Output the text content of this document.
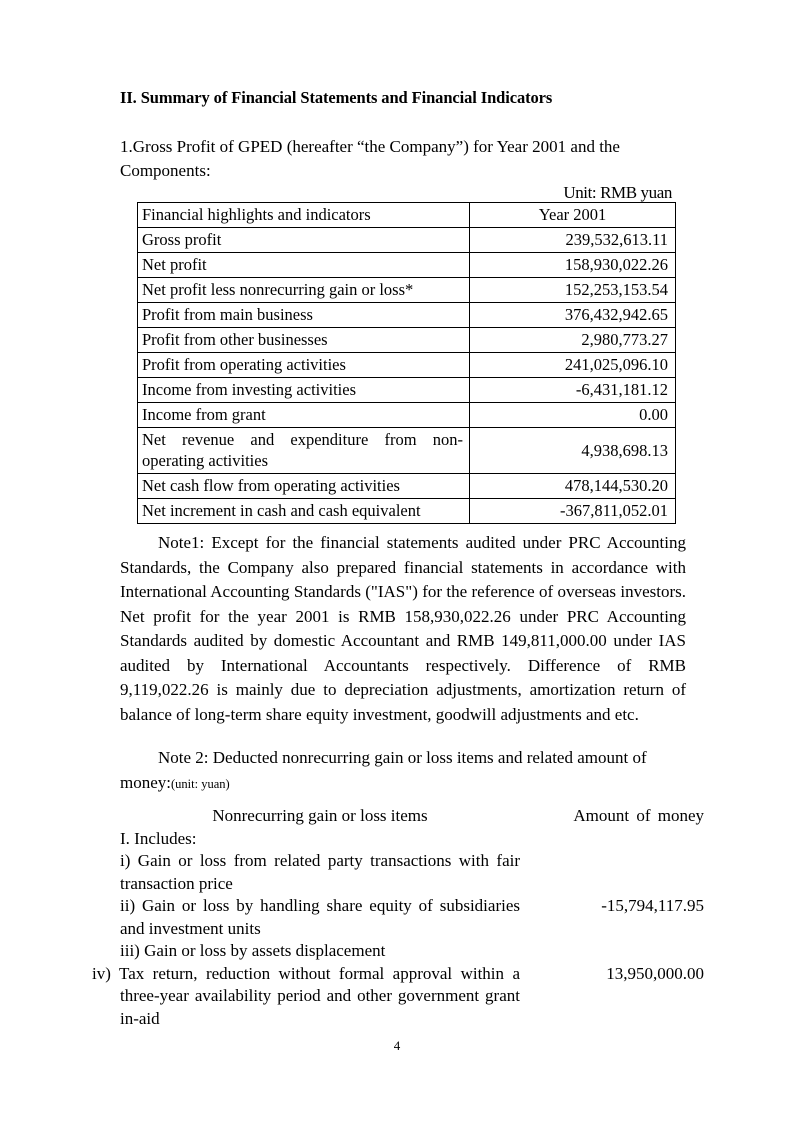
II. Summary of Financial Statements and Financial Indicators
1.Gross Profit of GPED (hereafter “the Company”) for Year 2001 and the Components:
Unit: RMB yuan
Financial highlights and indicators	Year 2001
Gross profit	239,532,613.11
Net profit	158,930,022.26
Net profit less nonrecurring gain or loss*	152,253,153.54
Profit from main business	376,432,942.65
Profit from other businesses	2,980,773.27
Profit from operating activities	241,025,096.10
Income from investing activities	-6,431,181.12
Income from grant	0.00
Net revenue and expenditure from non-operating activities	4,938,698.13
Net cash flow from operating activities	478,144,530.20
Net increment in cash and cash equivalent	-367,811,052.01
Note1: Except for the financial statements audited under PRC Accounting Standards, the Company also prepared financial statements in accordance with International Accounting Standards ("IAS") for the reference of overseas investors. Net profit for the year 2001 is RMB 158,930,022.26 under PRC Accounting Standards audited by domestic Accountant and RMB 149,811,000.00 under IAS audited by International Accountants respectively. Difference of RMB 9,119,022.26 is mainly due to depreciation adjustments, amortization return of balance of long-term share equity investment, goodwill adjustments and etc.
Note 2: Deducted nonrecurring gain or loss items and related amount of money:(unit: yuan)
Nonrecurring gain or loss items	Amount of money
I. Includes:	
i) Gain or loss from related party transactions with fair transaction price	
ii) Gain or loss by handling share equity of subsidiaries and investment units	-15,794,117.95
iii) Gain or loss by assets displacement	
iv) Tax return, reduction without formal approval within a three-year availability period and other government grant in-aid	13,950,000.00
4
